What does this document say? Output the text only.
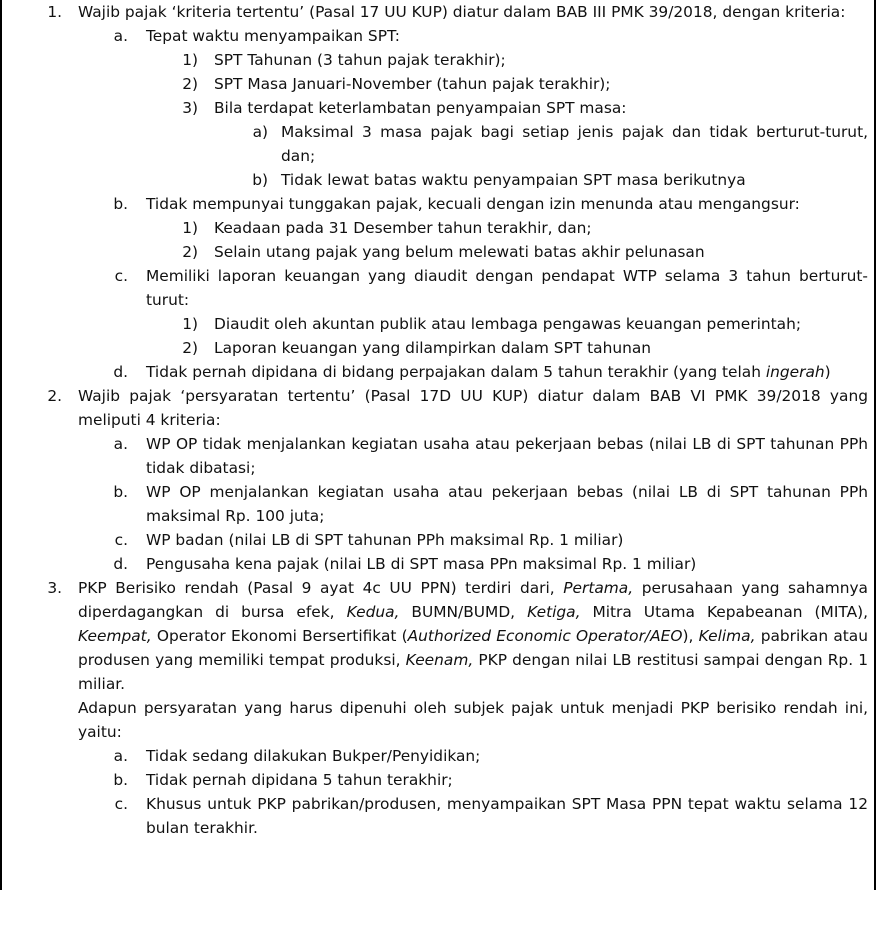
1. Wajib pajak ‘kriteria tertentu’ (Pasal 17 UU KUP) diatur dalam BAB III PMK 39/2018, dengan kriteria:
a. Tepat waktu menyampaikan SPT:
1) SPT Tahunan (3 tahun pajak terakhir);
2) SPT Masa Januari-November (tahun pajak terakhir);
3) Bila terdapat keterlambatan penyampaian SPT masa:
a) Maksimal 3 masa pajak bagi setiap jenis pajak dan tidak berturut-turut, dan;
b) Tidak lewat batas waktu penyampaian SPT masa berikutnya
b. Tidak mempunyai tunggakan pajak, kecuali dengan izin menunda atau mengangsur:
1) Keadaan pada 31 Desember tahun terakhir, dan;
2) Selain utang pajak yang belum melewati batas akhir pelunasan
c. Memiliki laporan keuangan yang diaudit dengan pendapat WTP selama 3 tahun berturut-turut:
1) Diaudit oleh akuntan publik atau lembaga pengawas keuangan pemerintah;
2) Laporan keuangan yang dilampirkan dalam SPT tahunan
d. Tidak pernah dipidana di bidang perpajakan dalam 5 tahun terakhir (yang telah ingerah)
2. Wajib pajak ‘persyaratan tertentu’ (Pasal 17D UU KUP) diatur dalam BAB VI PMK 39/2018 yang meliputi 4 kriteria:
a. WP OP tidak menjalankan kegiatan usaha atau pekerjaan bebas (nilai LB di SPT tahunan PPh tidak dibatasi;
b. WP OP menjalankan kegiatan usaha atau pekerjaan bebas (nilai LB di SPT tahunan PPh maksimal Rp. 100 juta;
c. WP badan (nilai LB di SPT tahunan PPh maksimal Rp. 1 miliar)
d. Pengusaha kena pajak (nilai LB di SPT masa PPn maksimal Rp. 1 miliar)
3. PKP Berisiko rendah (Pasal 9 ayat 4c UU PPN) terdiri dari, Pertama, perusahaan yang sahamnya diperdagangkan di bursa efek, Kedua, BUMN/BUMD, Ketiga, Mitra Utama Kepabeanan (MITA), Keempat, Operator Ekonomi Bersertifikat (Authorized Economic Operator/AEO), Kelima, pabrikan atau produsen yang memiliki tempat produksi, Keenam, PKP dengan nilai LB restitusi sampai dengan Rp. 1 miliar.
Adapun persyaratan yang harus dipenuhi oleh subjek pajak untuk menjadi PKP berisiko rendah ini, yaitu:
a. Tidak sedang dilakukan Bukper/Penyidikan;
b. Tidak pernah dipidana 5 tahun terakhir;
c. Khusus untuk PKP pabrikan/produsen, menyampaikan SPT Masa PPN tepat waktu selama 12 bulan terakhir.
